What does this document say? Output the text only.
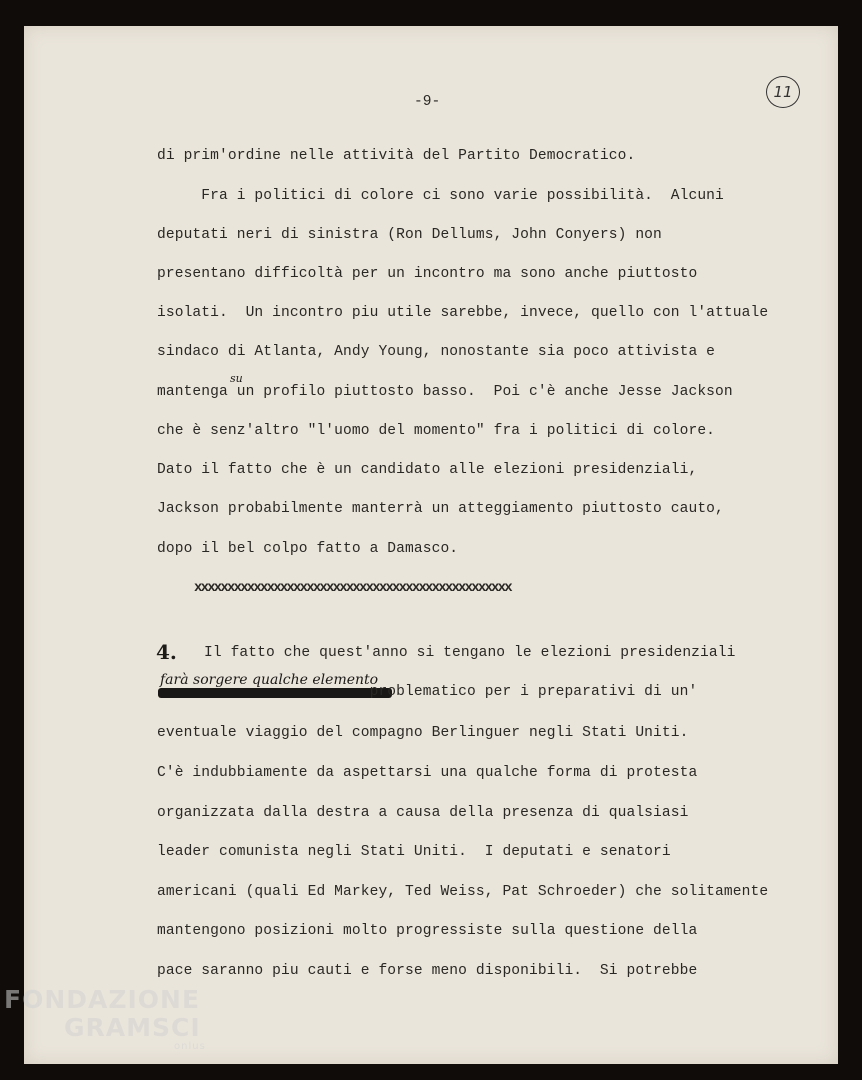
-9-
11
di prim'ordine nelle attività del Partito Democratico.
Fra i politici di colore ci sono varie possibilità.  Alcuni
deputati neri di sinistra (Ron Dellums, John Conyers) non
presentano difficoltà per un incontro ma sono anche piuttosto
isolati.  Un incontro piu utile sarebbe, invece, quello con l'attuale
sindaco di Atlanta, Andy Young, nonostante sia poco attivista e
su
mantenga un profilo piuttosto basso.  Poi c'è anche Jesse Jackson
che è senz'altro "l'uomo del momento" fra i politici di colore.
Dato il fatto che è un candidato alle elezioni presidenziali,
Jackson probabilmente manterrà un atteggiamento piuttosto cauto,
dopo il bel colpo fatto a Damasco.
xxxxxxxxxxxxxxxxxxxxxxxxxxxxxxxxxxxxxxxxxxxxxxxx
4. Il fatto che quest'anno si tengano le elezioni presidenziali
farà sorgere qualche elemento
problematico per i preparativi di un'
eventuale viaggio del compagno Berlinguer negli Stati Uniti.
C'è indubbiamente da aspettarsi una qualche forma di protesta
organizzata dalla destra a causa della presenza di qualsiasi
leader comunista negli Stati Uniti.  I deputati e senatori
americani (quali Ed Markey, Ted Weiss, Pat Schroeder) che solitamente
mantengono posizioni molto progressiste sulla questione della
pace saranno piu cauti e forse meno disponibili.  Si potrebbe
FONDAZIONE
GRAMSCI
onlus
